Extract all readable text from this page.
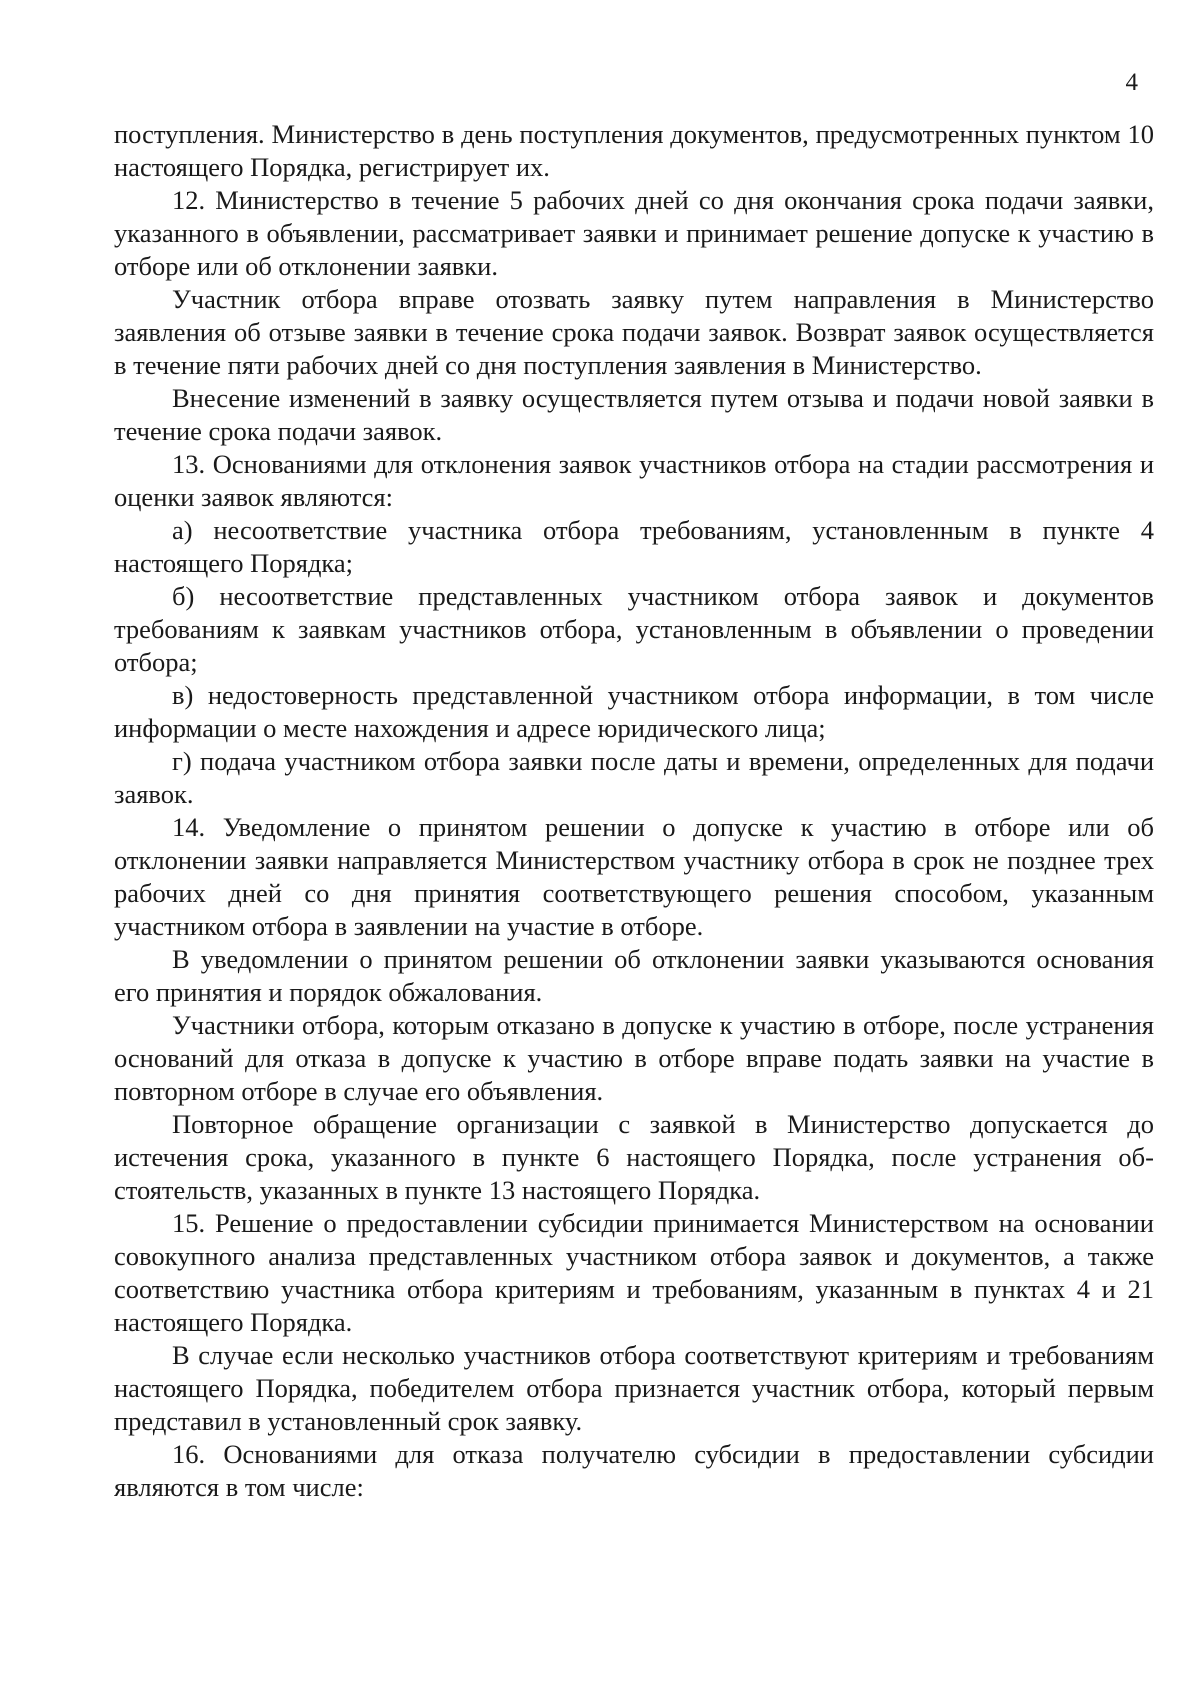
4

поступления. Министерство в день поступления документов, предусмотренных пунктом 10 настоящего Порядка, регистрирует их.

12. Министерство в течение 5 рабочих дней со дня окончания срока подачи заявки, указанного в объявлении, рассматривает заявки и принимает решение допуске к участию в отборе или об отклонении заявки.

Участник отбора вправе отозвать заявку путем направления в Министерство заявления об отзыве заявки в течение срока подачи заявок. Возврат заявок осуществляется в течение пяти рабочих дней со дня поступления заявления в Министерство.

Внесение изменений в заявку осуществляется путем отзыва и подачи новой заявки в течение срока подачи заявок.

13. Основаниями для отклонения заявок участников отбора на стадии рассмотрения и оценки заявок являются:

а) несоответствие участника отбора требованиям, установленным в пункте 4 настоящего Порядка;

б) несоответствие представленных участником отбора заявок и документов требованиям к заявкам участников отбора, установленным в объявлении о проведении отбора;

в) недостоверность представленной участником отбора информации, в том числе информации о месте нахождения и адресе юридического лица;

г) подача участником отбора заявки после даты и времени, определенных для подачи заявок.

14. Уведомление о принятом решении о допуске к участию в отборе или об отклонении заявки направляется Министерством участнику отбора в срок не позднее трех рабочих дней со дня принятия соответствующего решения способом, указанным участником отбора в заявлении на участие в отборе.

В уведомлении о принятом решении об отклонении заявки указываются основания его принятия и порядок обжалования.

Участники отбора, которым отказано в допуске к участию в отборе, после устранения оснований для отказа в допуске к участию в отборе вправе подать заявки на участие в повторном отборе в случае его объявления.

Повторное обращение организации с заявкой в Министерство допускается до истечения срока, указанного в пункте 6 настоящего Порядка, после устранения обстоятельств, указанных в пункте 13 настоящего Порядка.

15. Решение о предоставлении субсидии принимается Министерством на основании совокупного анализа представленных участником отбора заявок и документов, а также соответствию участника отбора критериям и требованиям, указанным в пунктах 4 и 21 настоящего Порядка.

В случае если несколько участников отбора соответствуют критериям и требованиям настоящего Порядка, победителем отбора признается участник отбора, который первым представил в установленный срок заявку.

16. Основаниями для отказа получателю субсидии в предоставлении субсидии являются в том числе:
